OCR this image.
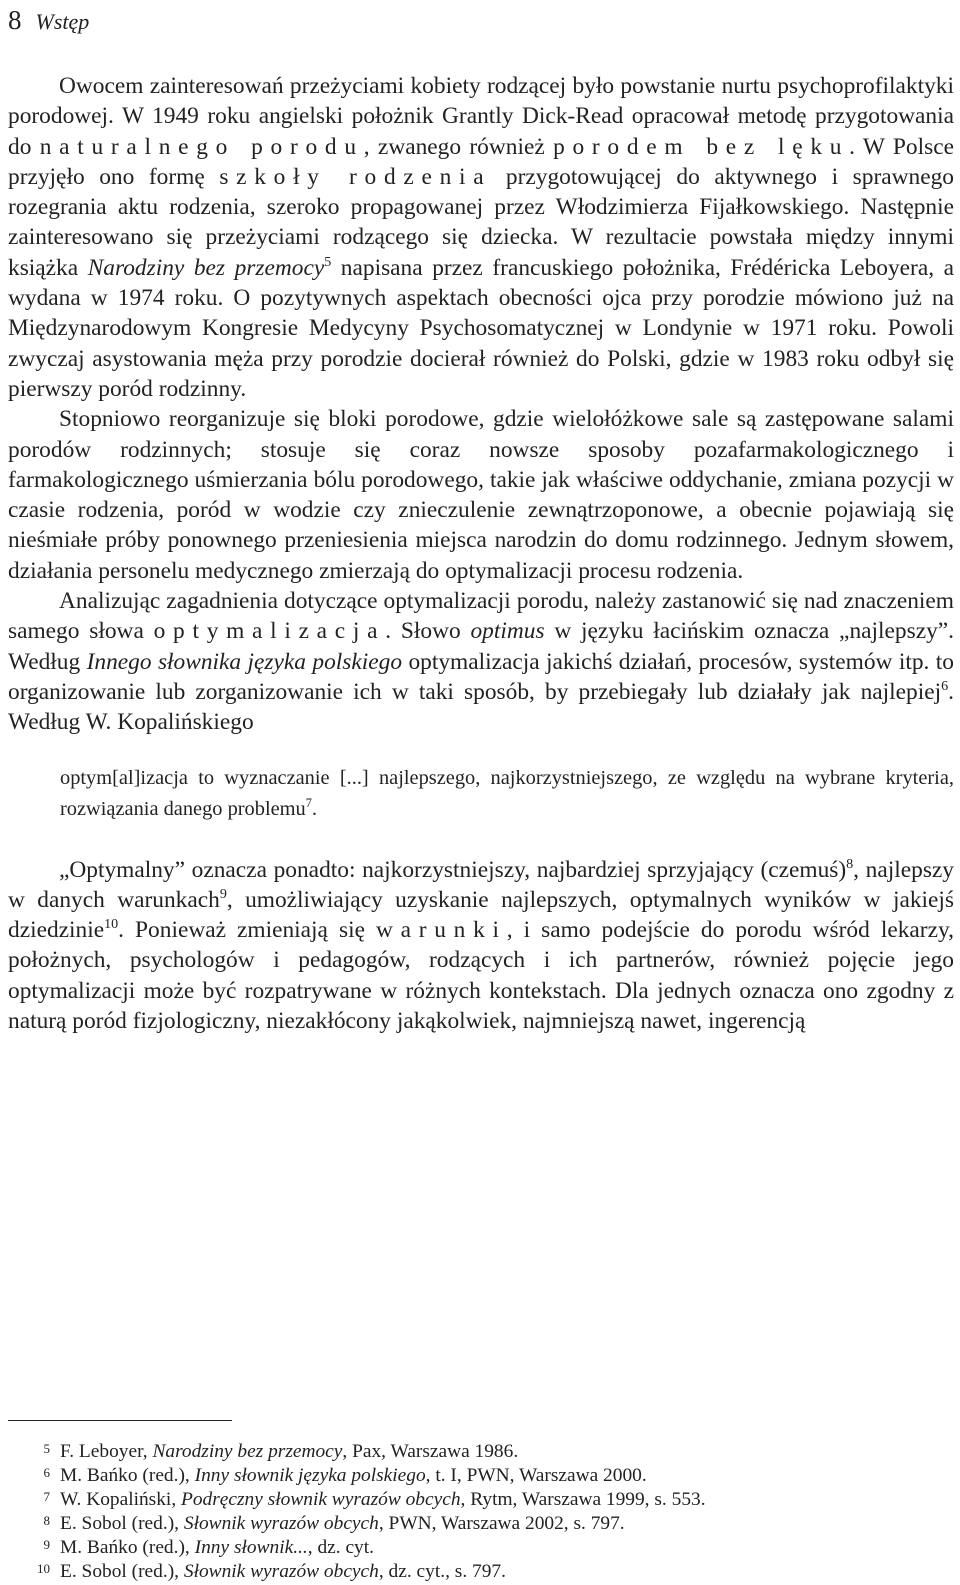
8 Wstęp

Owocem zainteresowań przeżyciami kobiety rodzącej było powstanie nurtu psychoprofilaktyki porodowej. W 1949 roku angielski położnik Grantly Dick-Read opracował metodę przygotowania do naturalnego porodu, zwanego również porodem bez lęku. W Polsce przyjęło ono formę szkoły rodzenia przygotowującej do aktywnego i sprawnego rozegrania aktu rodzenia, szeroko propagowanej przez Włodzimierza Fijałkowskiego. Następnie zainteresowano się przeżyciami rodzącego się dziecka. W rezultacie powstała między innymi książka Narodziny bez przemocy$^5$ napisana przez francuskiego położnika, Frédéricka Leboyera, a wydana w 1974 roku. O pozytywnych aspektach obecności ojca przy porodzie mówiono już na Międzynarodowym Kongresie Medycyny Psychosomatycznej w Londynie w 1971 roku. Powoli zwyczaj asystowania męża przy porodzie docierał również do Polski, gdzie w 1983 roku odbył się pierwszy poród rodzinny.

Stopniowo reorganizuje się bloki porodowe, gdzie wielołóżkowe sale są zastępowane salami porodów rodzinnych; stosuje się coraz nowsze sposoby pozafarmakologicznego i farmakologicznego uśmierzania bólu porodowego, takie jak właściwe oddychanie, zmiana pozycji w czasie rodzenia, poród w wodzie czy znieczulenie zewnątrzoponowe, a obecnie pojawiają się nieśmiałe próby ponownego przeniesienia miejsca narodzin do domu rodzinnego. Jednym słowem, działania personelu medycznego zmierzają do optymalizacji procesu rodzenia.

Analizując zagadnienia dotyczące optymalizacji porodu, należy zastanowić się nad znaczeniem samego słowa optymalizacja. Słowo optimus w języku łacińskim oznacza „najlepszy”. Według Innego słownika języka polskiego optymalizacja jakichś działań, procesów, systemów itp. to organizowanie lub zorganizowanie ich w taki sposób, by przebiegały lub działały jak najlepiej$^6$. Według W. Kopalińskiego

optym[al]izacja to wyznaczanie [...] najlepszego, najkorzystniejszego, ze względu na wybrane kryteria, rozwiązania danego problemu$^7$.

„Optymalny” oznacza ponadto: najkorzystniejszy, najbardziej sprzyjający (czemuś)$^8$, najlepszy w danych warunkach$^9$, umożliwiający uzyskanie najlepszych, optymalnych wyników w jakiejś dziedzinie$^{10}$. Ponieważ zmieniają się warunki, i samo podejście do porodu wśród lekarzy, położnych, psychologów i pedagogów, rodzących i ich partnerów, również pojęcie jego optymalizacji może być rozpatrywane w różnych kontekstach. Dla jednych oznacza ono zgodny z naturą poród fizjologiczny, niezakłócony jakąkolwiek, najmniejszą nawet, ingerencją

5 F. Leboyer, Narodziny bez przemocy, Pax, Warszawa 1986.
6 M. Bańko (red.), Inny słownik języka polskiego, t. I, PWN, Warszawa 2000.
7 W. Kopaliński, Podręczny słownik wyrazów obcych, Rytm, Warszawa 1999, s. 553.
8 E. Sobol (red.), Słownik wyrazów obcych, PWN, Warszawa 2002, s. 797.
9 M. Bańko (red.), Inny słownik..., dz. cyt.
10 E. Sobol (red.), Słownik wyrazów obcych, dz. cyt., s. 797.
